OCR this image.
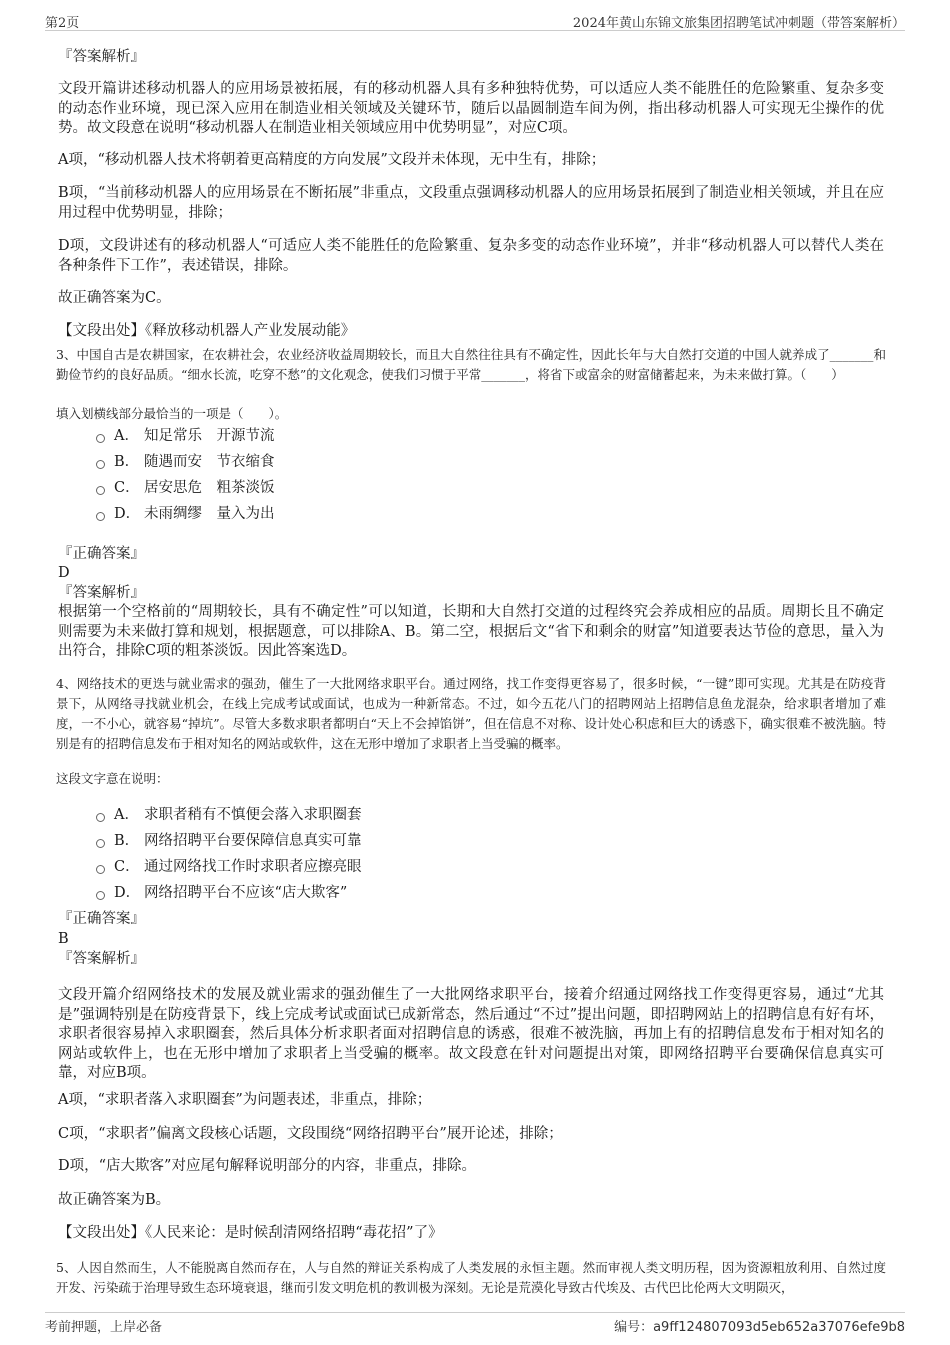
第2页	2024年黄山东锦文旅集团招聘笔试冲刺题（带答案解析）
『答案解析』
文段开篇讲述移动机器人的应用场景被拓展，有的移动机器人具有多种独特优势，可以适应人类不能胜任的危险繁重、复杂多变的动态作业环境，现已深入应用在制造业相关领域及关键环节，随后以晶圆制造车间为例，指出移动机器人可实现无尘操作的优势。故文段意在说明“移动机器人在制造业相关领域应用中优势明显”，对应C项。
A项，“移动机器人技术将朝着更高精度的方向发展”文段并未体现，无中生有，排除；
B项，“当前移动机器人的应用场景在不断拓展”非重点，文段重点强调移动机器人的应用场景拓展到了制造业相关领域，并且在应用过程中优势明显，排除；
D项，文段讲述有的移动机器人“可适应人类不能胜任的危险繁重、复杂多变的动态作业环境”，并非“移动机器人可以替代人类在各种条件下工作”，表述错误，排除。
故正确答案为C。
【文段出处】《释放移动机器人产业发展动能》
3、中国自古是农耕国家，在农耕社会，农业经济收益周期较长，而且大自然往往具有不确定性，因此长年与大自然打交道的中国人就养成了_______和勤俭节约的良好品质。“细水长流，吃穿不愁”的文化观念，使我们习惯于平常_______，将省下或富余的财富储蓄起来，为未来做打算。（　　）
填入划横线部分最恰当的一项是（　　）。
A． 知足常乐　开源节流
B． 随遇而安　节衣缩食
C． 居安思危　粗茶淡饭
D． 未雨绸缪　量入为出
『正确答案』
D
『答案解析』
根据第一个空格前的“周期较长，具有不确定性”可以知道，长期和大自然打交道的过程终究会养成相应的品质。周期长且不确定则需要为未来做打算和规划，根据题意，可以排除A、B。第二空，根据后文“省下和剩余的财富”知道要表达节俭的意思，量入为出符合，排除C项的粗茶淡饭。因此答案选D。
4、网络技术的更迭与就业需求的强劲，催生了一大批网络求职平台。通过网络，找工作变得更容易了，很多时候，“一键”即可实现。尤其是在防疫背景下，从网络寻找就业机会，在线上完成考试或面试，也成为一种新常态。不过，如今五花八门的招聘网站上招聘信息鱼龙混杂，给求职者增加了难度，一不小心，就容易“掉坑”。尽管大多数求职者都明白“天上不会掉馅饼”，但在信息不对称、设计处心积虑和巨大的诱惑下，确实很难不被洗脑。特别是有的招聘信息发布于相对知名的网站或软件，这在无形中增加了求职者上当受骗的概率。
这段文字意在说明：
A． 求职者稍有不慎便会落入求职圈套
B． 网络招聘平台要保障信息真实可靠
C． 通过网络找工作时求职者应擦亮眼
D． 网络招聘平台不应该“店大欺客”
『正确答案』
B
『答案解析』
文段开篇介绍网络技术的发展及就业需求的强劲催生了一大批网络求职平台，接着介绍通过网络找工作变得更容易，通过“尤其是”强调特别是在防疫背景下，线上完成考试或面试已成新常态，然后通过“不过”提出问题，即招聘网站上的招聘信息有好有坏，求职者很容易掉入求职圈套，然后具体分析求职者面对招聘信息的诱惑，很难不被洗脑，再加上有的招聘信息发布于相对知名的网站或软件上，也在无形中增加了求职者上当受骗的概率。故文段意在针对问题提出对策，即网络招聘平台要确保信息真实可靠，对应B项。
A项，“求职者落入求职圈套”为问题表述，非重点，排除；
C项，“求职者”偏离文段核心话题，文段围绕“网络招聘平台”展开论述，排除；
D项，“店大欺客”对应尾句解释说明部分的内容，非重点，排除。
故正确答案为B。
【文段出处】《人民来论：是时候刮清网络招聘“毒花招”了》
5、人因自然而生，人不能脱离自然而存在，人与自然的辩证关系构成了人类发展的永恒主题。然而审视人类文明历程，因为资源粗放利用、自然过度开发、污染疏于治理导致生态环境衰退，继而引发文明危机的教训极为深刻。无论是荒漠化导致古代埃及、古代巴比伦两大文明陨灭，
考前押题，上岸必备	编号：a9ff124807093d5eb652a37076efe9b8
